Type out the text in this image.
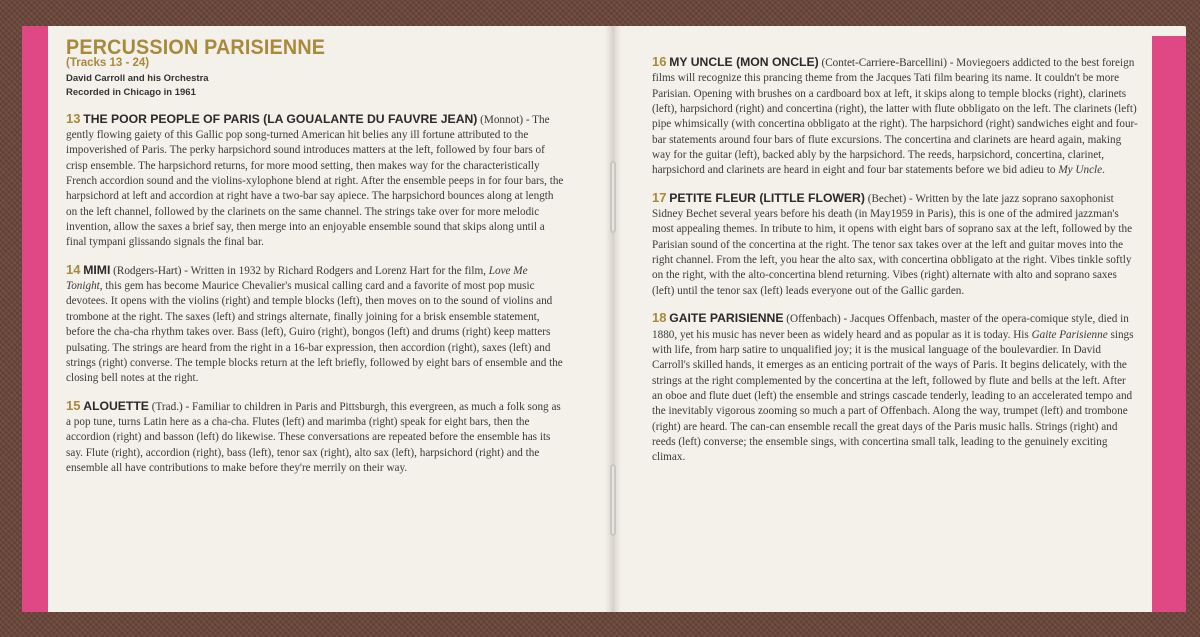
PERCUSSION PARISIENNE
(Tracks 13 - 24)
David Carroll and his Orchestra
Recorded in Chicago in 1961
13 THE POOR PEOPLE OF PARIS (LA GOUALANTE DU FAUVRE JEAN) (Monnot) - The gently flowing gaiety of this Gallic pop song-turned American hit belies any ill fortune attributed to the impoverished of Paris. The perky harpsichord sound introduces matters at the left, followed by four bars of crisp ensemble. The harpsichord returns, for more mood setting, then makes way for the characteristically French accordion sound and the violins-xylophone blend at right. After the ensemble peeps in for four bars, the harpsichord at left and accordion at right have a two-bar say apiece. The harpsichord bounces along at length on the left channel, followed by the clarinets on the same channel. The strings take over for more melodic invention, allow the saxes a brief say, then merge into an enjoyable ensemble sound that skips along until a final tympani glissando signals the final bar.
14 MIMI (Rodgers-Hart) - Written in 1932 by Richard Rodgers and Lorenz Hart for the film, Love Me Tonight, this gem has become Maurice Chevalier's musical calling card and a favorite of most pop music devotees. It opens with the violins (right) and temple blocks (left), then moves on to the sound of violins and trombone at the right. The saxes (left) and strings alternate, finally joining for a brisk ensemble statement, before the cha-cha rhythm takes over. Bass (left), Guiro (right), bongos (left) and drums (right) keep matters pulsating. The strings are heard from the right in a 16-bar expression, then accordion (right), saxes (left) and strings (right) converse. The temple blocks return at the left briefly, followed by eight bars of ensemble and the closing bell notes at the right.
15 ALOUETTE (Trad.) - Familiar to children in Paris and Pittsburgh, this evergreen, as much a folk song as a pop tune, turns Latin here as a cha-cha. Flutes (left) and marimba (right) speak for eight bars, then the accordion (right) and basson (left) do likewise. These conversations are repeated before the ensemble has its say. Flute (right), accordion (right), bass (left), tenor sax (right), alto sax (left), harpsichord (right) and the ensemble all have contributions to make before they're merrily on their way.
16 MY UNCLE (MON ONCLE) (Contet-Carriere-Barcellini) - Moviegoers addicted to the best foreign films will recognize this prancing theme from the Jacques Tati film bearing its name. It couldn't be more Parisian. Opening with brushes on a cardboard box at left, it skips along to temple blocks (right), clarinets (left), harpsichord (right) and concertina (right), the latter with flute obbligato on the left. The clarinets (left) pipe whimsically (with concertina obbligato at the right). The harpsichord (right) sandwiches eight and four-bar statements around four bars of flute excursions. The concertina and clarinets are heard again, making way for the guitar (left), backed ably by the harpsichord. The reeds, harpsichord, concertina, clarinet, harpsichord and clarinets are heard in eight and four bar statements before we bid adieu to My Uncle.
17 PETITE FLEUR (LITTLE FLOWER) (Bechet) - Written by the late jazz soprano saxophonist Sidney Bechet several years before his death (in May1959 in Paris), this is one of the admired jazzman's most appealing themes. In tribute to him, it opens with eight bars of soprano sax at the left, followed by the Parisian sound of the concertina at the right. The tenor sax takes over at the left and guitar moves into the right channel. From the left, you hear the alto sax, with concertina obbligato at the right. Vibes tinkle softly on the right, with the alto-concertina blend returning. Vibes (right) alternate with alto and soprano saxes (left) until the tenor sax (left) leads everyone out of the Gallic garden.
18 GAITE PARISIENNE (Offenbach) - Jacques Offenbach, master of the opera-comique style, died in 1880, yet his music has never been as widely heard and as popular as it is today. His Gaite Parisienne sings with life, from harp satire to unqualified joy; it is the musical language of the boulevardier. In David Carroll's skilled hands, it emerges as an enticing portrait of the ways of Paris. It begins delicately, with the strings at the right complemented by the concertina at the left, followed by flute and bells at the left. After an oboe and flute duet (left) the ensemble and strings cascade tenderly, leading to an accelerated tempo and the inevitably vigorous zooming so much a part of Offenbach. Along the way, trumpet (left) and trombone (right) are heard. The can-can ensemble recall the great days of the Paris music halls. Strings (right) and reeds (left) converse; the ensemble sings, with concertina small talk, leading to the genuinely exciting climax.
